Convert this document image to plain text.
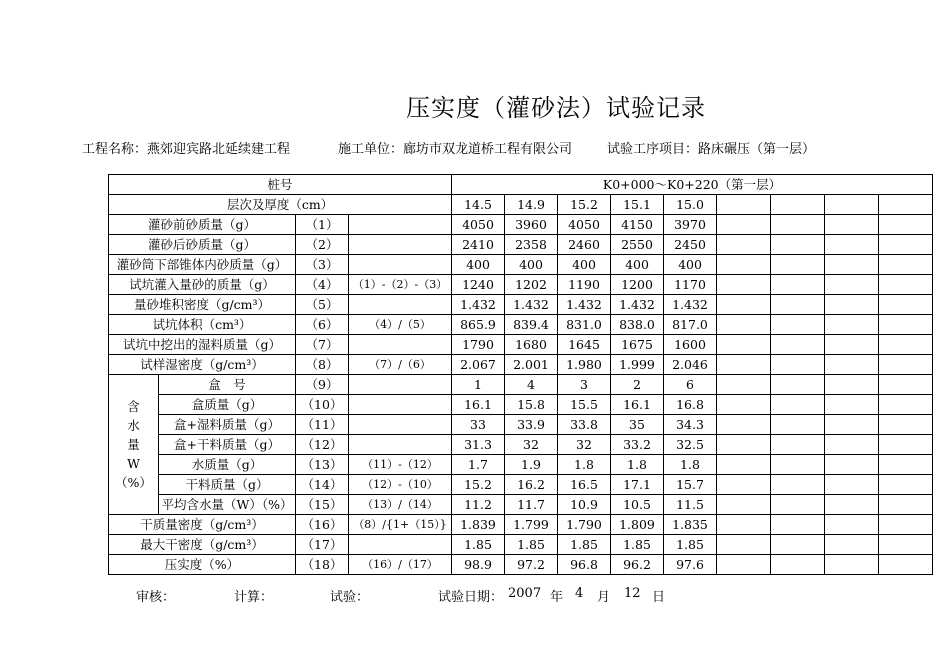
压实度（灌砂法）试验记录
工程名称：燕郊迎宾路北延续建工程	施工单位：廊坊市双龙道桥工程有限公司	试验工序项目：路床碾压（第一层）
桩号				K0+000～K0+220（第一层）								
层次及厚度（cm）				14.5	14.9	15.2	15.1	15.0				
灌砂前砂质量（g）		（1）		4050	3960	4050	4150	3970				
灌砂后砂质量（g）		（2）		2410	2358	2460	2550	2450				
灌砂筒下部锥体内砂质量（g）		（3）		400	400	400	400	400				
试坑灌入量砂的质量（g）		（4）	（1）-（2）-（3）	1240	1202	1190	1200	1170				
量砂堆积密度（g/cm³）		（5）		1.432	1.432	1.432	1.432	1.432				
试坑体积（cm³）		（6）	（4）/（5）	865.9	839.4	831.0	838.0	817.0				
试坑中挖出的湿料质量（g）		（7）		1790	1680	1645	1675	1600				
试样湿密度（g/cm³）		（8）	（7）/（6）	2.067	2.001	1.980	1.999	2.046				

含
水
量
W
（%）	盒　号	（9）		1	4	3	2	6				
	盒质量（g）	（10）		16.1	15.8	15.5	16.1	16.8				
	盒+湿料质量（g）	（11）		33	33.9	33.8	35	34.3				
	盒+干料质量（g）	（12）		31.3	32	32	33.2	32.5				
	水质量（g）	（13）	（11）-（12）	1.7	1.9	1.8	1.8	1.8				
	干料质量（g）	（14）	（12）-（10）	15.2	16.2	16.5	17.1	15.7				
	平均含水量（W）（%）	（15）	（13）/（14）	11.2	11.7	10.9	10.5	11.5				
干质量密度（g/cm³）		（16）	（8）/{1+（15）}	1.839	1.799	1.790	1.809	1.835				
最大干密度（g/cm³）		（17）		1.85	1.85	1.85	1.85	1.85				
压实度（%）		（18）	（16）/（17）	98.9	97.2	96.8	96.2	97.6				
审核：	计算：	试验：	试验日期： 2007 年 4 月 12 日
